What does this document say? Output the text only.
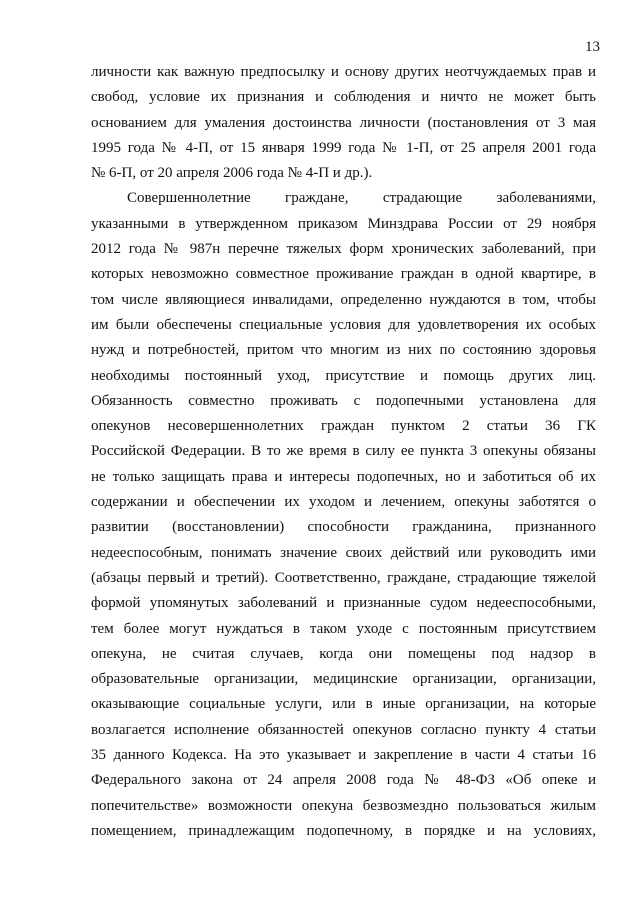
13
личности как важную предпосылку и основу других неотчуждаемых прав и
свобод, условие их признания и соблюдения и ничто не может быть
основанием для умаления достоинства личности (постановления от 3 мая
1995 года № 4-П, от 15 января 1999 года № 1-П, от 25 апреля 2001 года
№ 6-П, от 20 апреля 2006 года № 4-П и др.).
Совершеннолетние граждане, страдающие заболеваниями,
указанными в утвержденном приказом Минздрава России от 29 ноября
2012 года № 987н перечне тяжелых форм хронических заболеваний, при
которых невозможно совместное проживание граждан в одной квартире, в
том числе являющиеся инвалидами, определенно нуждаются в том, чтобы
им были обеспечены специальные условия для удовлетворения их особых
нужд и потребностей, притом что многим из них по состоянию здоровья
необходимы постоянный уход, присутствие и помощь других лиц.
Обязанность совместно проживать с подопечными установлена для
опекунов несовершеннолетних граждан пунктом 2 статьи 36 ГК
Российской Федерации. В то же время в силу ее пункта 3 опекуны обязаны
не только защищать права и интересы подопечных, но и заботиться об их
содержании и обеспечении их уходом и лечением, опекуны заботятся о
развитии (восстановлении) способности гражданина, признанного
недееспособным, понимать значение своих действий или руководить ими
(абзацы первый и третий). Соответственно, граждане, страдающие тяжелой
формой упомянутых заболеваний и признанные судом недееспособными,
тем более могут нуждаться в таком уходе с постоянным присутствием
опекуна, не считая случаев, когда они помещены под надзор в
образовательные организации, медицинские организации, организации,
оказывающие социальные услуги, или в иные организации, на которые
возлагается исполнение обязанностей опекунов согласно пункту 4 статьи
35 данного Кодекса. На это указывает и закрепление в части 4 статьи 16
Федерального закона от 24 апреля 2008 года № 48-ФЗ «Об опеке и
попечительстве» возможности опекуна безвозмездно пользоваться жилым
помещением, принадлежащим подопечному, в порядке и на условиях,
